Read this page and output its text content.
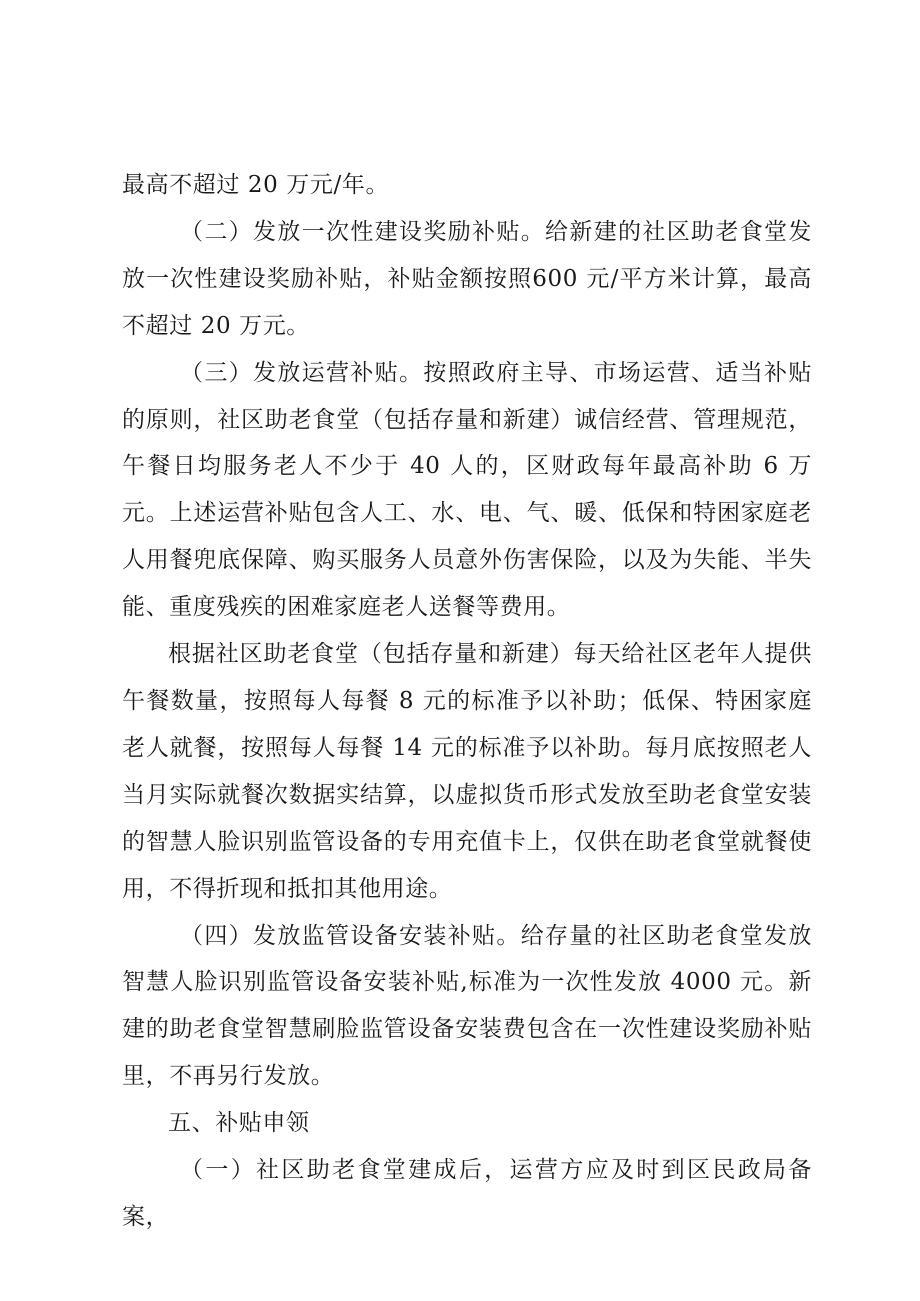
最高不超过 20 万元/年。

（二）发放一次性建设奖励补贴。给新建的社区助老食堂发放一次性建设奖励补贴，补贴金额按照600 元/平方米计算，最高不超过 20 万元。

（三）发放运营补贴。按照政府主导、市场运营、适当补贴的原则，社区助老食堂（包括存量和新建）诚信经营、管理规范，午餐日均服务老人不少于 40 人的，区财政每年最高补助 6 万元。上述运营补贴包含人工、水、电、气、暖、低保和特困家庭老人用餐兜底保障、购买服务人员意外伤害保险，以及为失能、半失能、重度残疾的困难家庭老人送餐等费用。

根据社区助老食堂（包括存量和新建）每天给社区老年人提供午餐数量，按照每人每餐 8 元的标准予以补助；低保、特困家庭老人就餐，按照每人每餐 14 元的标准予以补助。每月底按照老人当月实际就餐次数据实结算，以虚拟货币形式发放至助老食堂安装的智慧人脸识别监管设备的专用充值卡上，仅供在助老食堂就餐使用，不得折现和抵扣其他用途。

（四）发放监管设备安装补贴。给存量的社区助老食堂发放智慧人脸识别监管设备安装补贴,标准为一次性发放 4000 元。新建的助老食堂智慧刷脸监管设备安装费包含在一次性建设奖励补贴里，不再另行发放。

五、补贴申领

（一）社区助老食堂建成后，运营方应及时到区民政局备案，
